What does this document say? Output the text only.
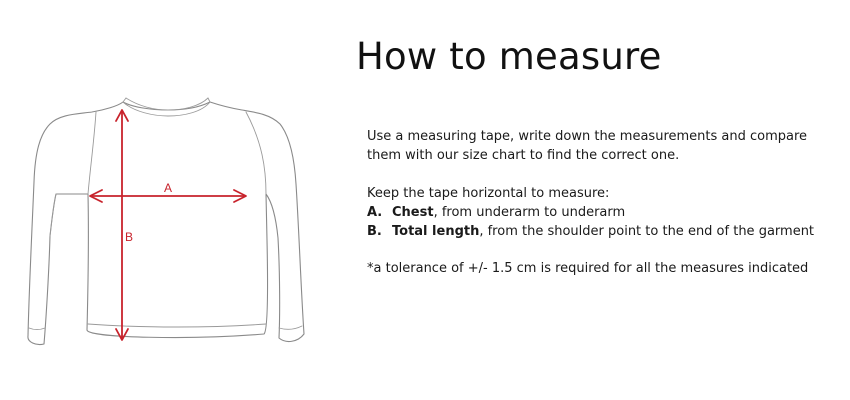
A
B
How to measure

Use a measuring tape, write down the measurements and compare them with our size chart to find the correct one.

Keep the tape horizontal to measure:

A. Chest, from underarm to underarm
B. Total length, from the shoulder point to the end of the garment

*a tolerance of +/- 1.5 cm is required for all the measures indicated
